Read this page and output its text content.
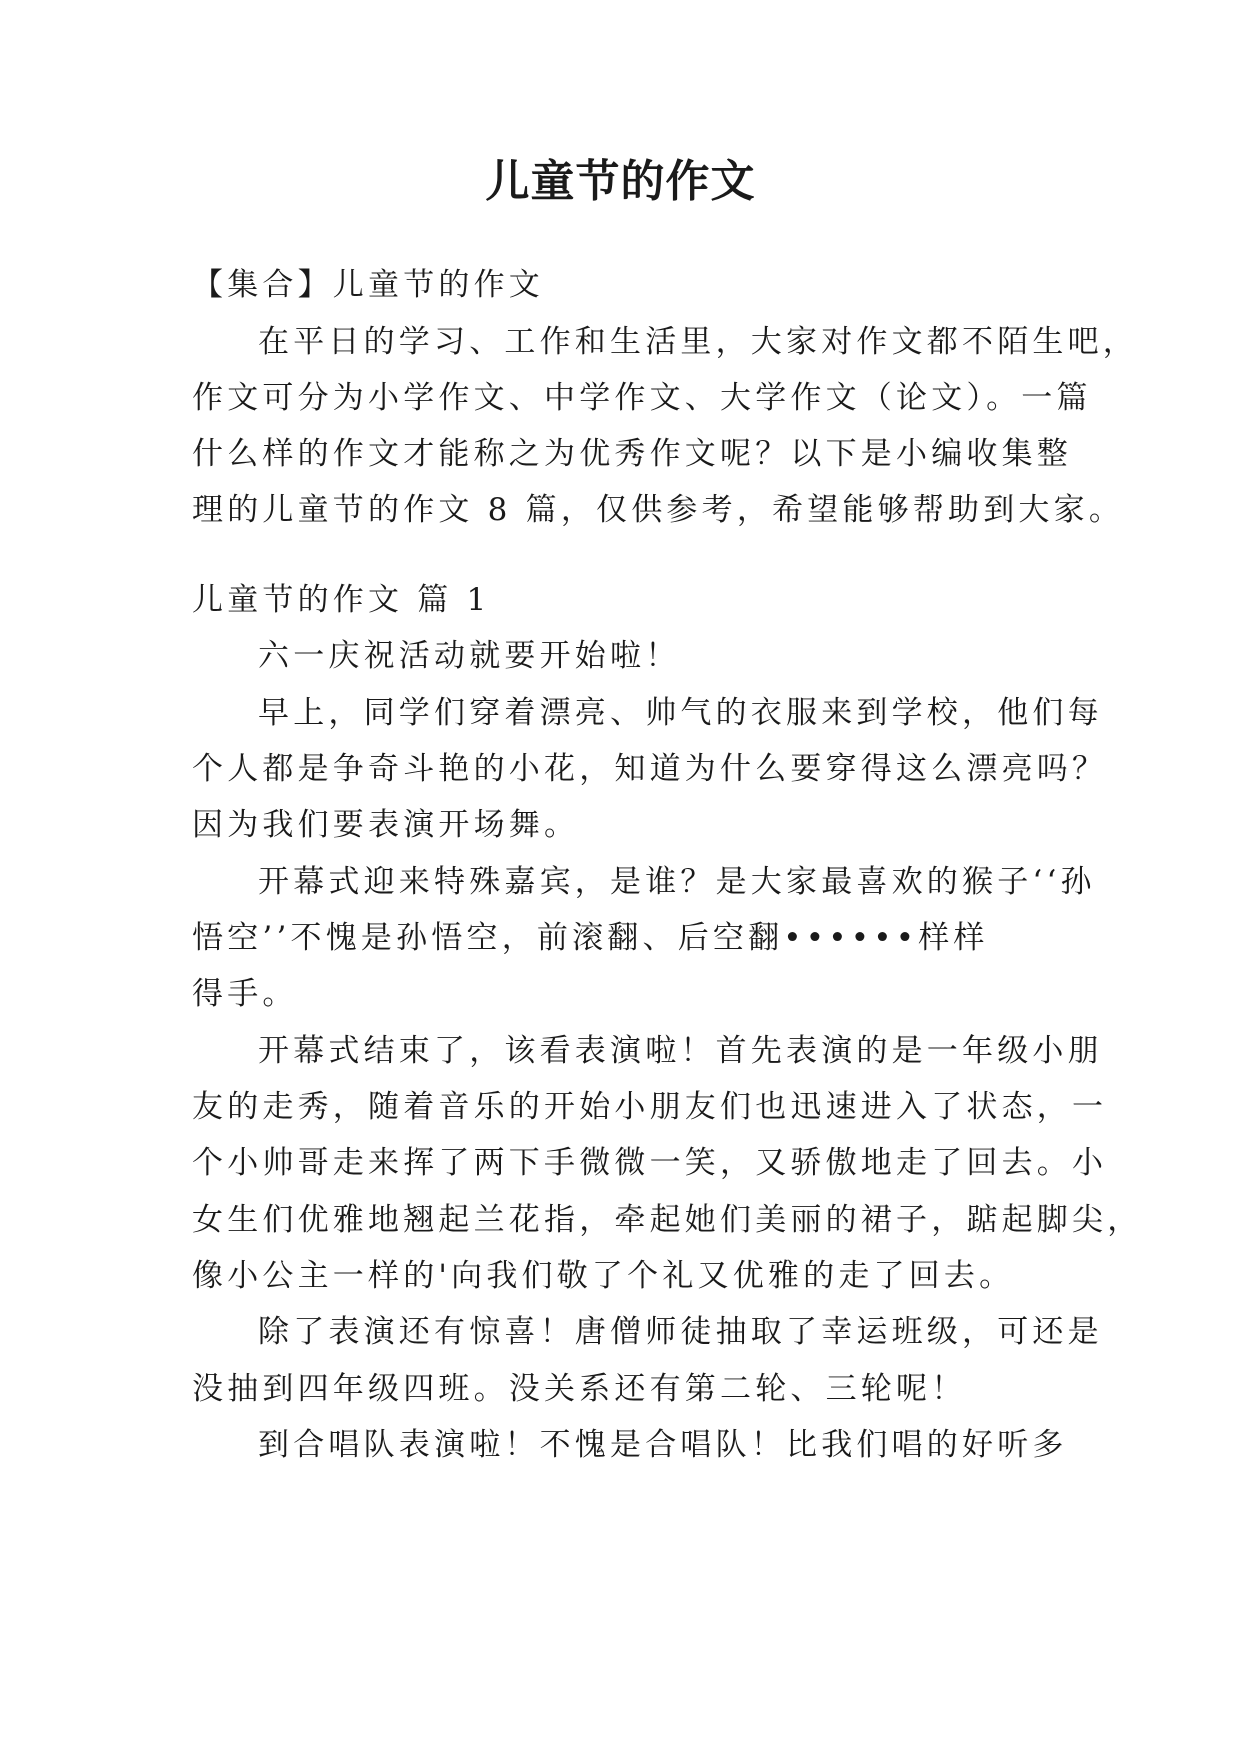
儿童节的作文
【集合】儿童节的作文
在平日的学习、工作和生活里，大家对作文都不陌生吧，
作文可分为小学作文、中学作文、大学作文（论文）。一篇
什么样的作文才能称之为优秀作文呢？以下是小编收集整
理的儿童节的作文 8 篇，仅供参考，希望能够帮助到大家。
儿童节的作文 篇 1
六一庆祝活动就要开始啦！
早上，同学们穿着漂亮、帅气的衣服来到学校，他们每
个人都是争奇斗艳的小花，知道为什么要穿得这么漂亮吗？
因为我们要表演开场舞。
开幕式迎来特殊嘉宾，是谁？是大家最喜欢的猴子‘‘孙
悟空’’不愧是孙悟空，前滚翻、后空翻••••••样样
得手。
开幕式结束了，该看表演啦！首先表演的是一年级小朋
友的走秀，随着音乐的开始小朋友们也迅速进入了状态，一
个小帅哥走来挥了两下手微微一笑，又骄傲地走了回去。小
女生们优雅地翘起兰花指，牵起她们美丽的裙子，踮起脚尖，
像小公主一样的'向我们敬了个礼又优雅的走了回去。
除了表演还有惊喜！唐僧师徒抽取了幸运班级，可还是
没抽到四年级四班。没关系还有第二轮、三轮呢！
到合唱队表演啦！不愧是合唱队！比我们唱的好听多
